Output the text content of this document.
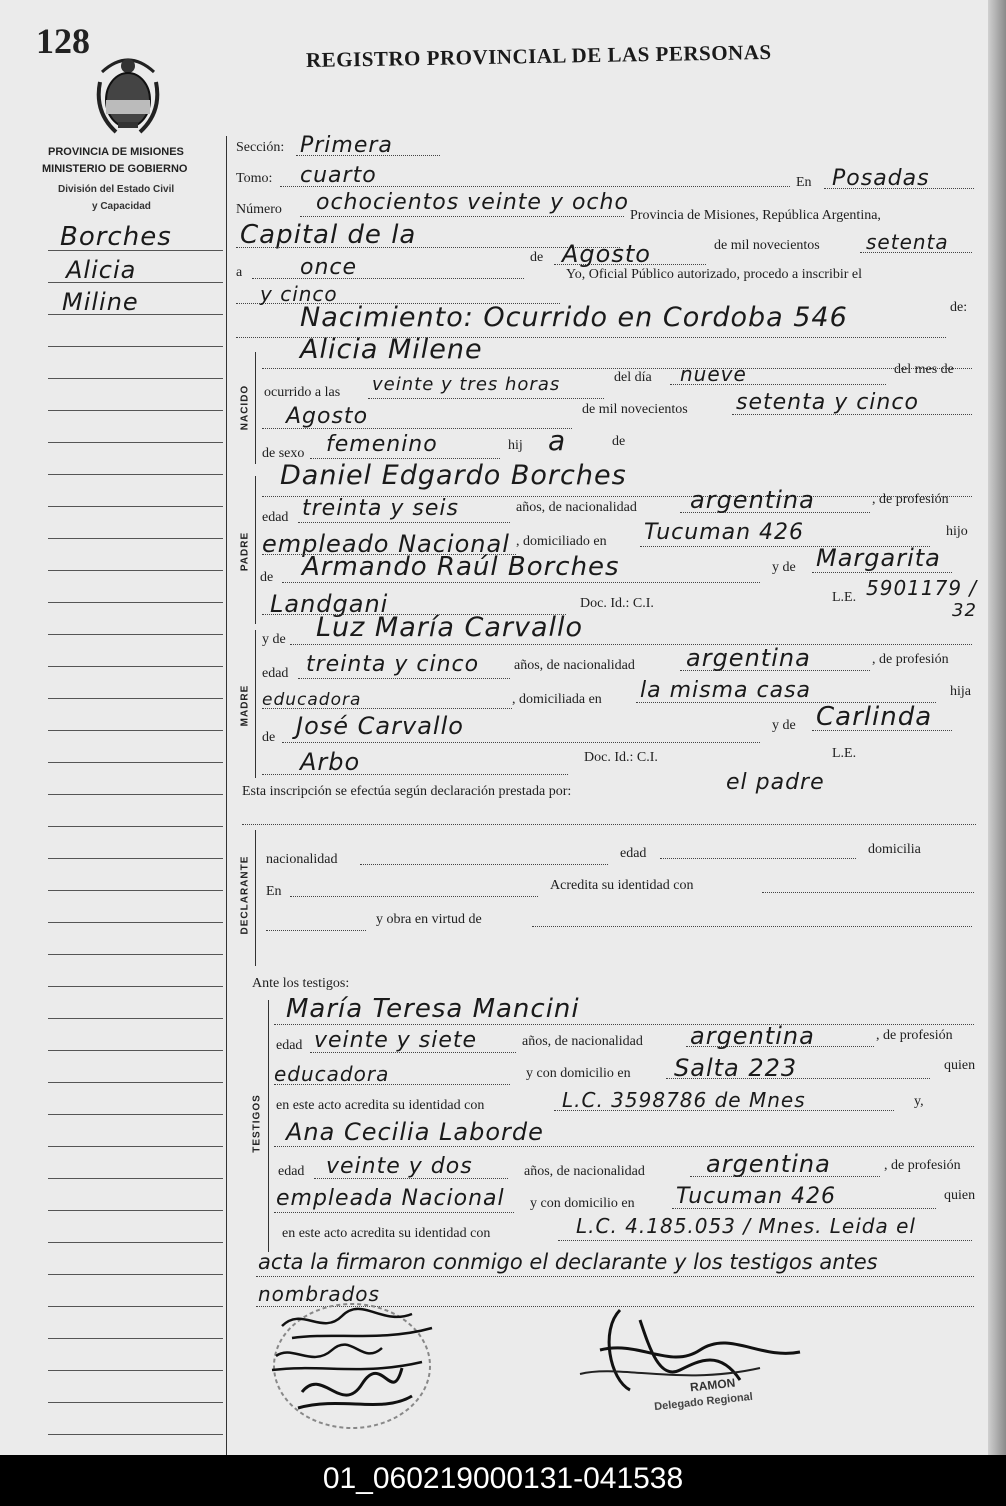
128	REGISTRO PROVINCIAL DE LAS PERSONAS
PROVINCIA DE MISIONES
MINISTERIO DE GOBIERNO
División del Estado Civil
y Capacidad
Borches
Alicia
Miline
Sección: Primera
Tomo: cuarto	En Posadas
Número ochocientos veinte y ocho
Provincia de Misiones, República Argentina,
Capital de la
a	once	de Agosto	de mil novecientos setenta
y cinco
Yo, Oficial Público autorizado, procedo a inscribir el
Nacimiento: Ocurrido en Cordoba 546	de:
NACIDO
Alicia Milene
ocurrido a las veinte y tres horas	del día nueve	del mes de
Agosto	de mil novecientos setenta y cinco
de sexo femenino	hij a	de
PADRE
Daniel Edgardo Borches
edad treinta y seis	años, de nacionalidad argentina	, de profesión
empleado Nacional , domiciliado en Tucuman 426	hijo
de Armando Raúl Borches	y de Margarita
Landgani	Doc. Id.: C.I.	L.E. 5901179 /
32
MADRE
y de Luz María Carvallo
edad treinta y cinco años, de nacionalidad argentina	, de profesión
educadora	, domiciliada en la misma casa	hija
de José Carvallo	y de Carlinda
Arbo	Doc. Id.: C.I.	L.E.
Esta inscripción se efectúa según declaración prestada por:	el padre
DECLARANTE nacionalidad	edad	domicilia
En	Acredita su identidad con
y obra en virtud de
Ante los testigos:
TESTIGOS
María Teresa Mancini
edad veinte y siete	años, de nacionalidad argentina	, de profesión
educadora	y con domicilio en Salta 223	quien
en este acto acredita su identidad con	L.C. 3598786 de Mnes	y,
Ana Cecilia Laborde
edad veinte y dos	años, de nacionalidad	argentina	, de profesión
empleada Nacional y con domicilio en Tucuman 426	quien
en este acto acredita su identidad con	L.C. 4.185.053 / Mnes. Leida el
acta la firmaron conmigo el declarante y los testigos antes
nombrados
RAMON
Delegado Regional
01_060219000131-041538
